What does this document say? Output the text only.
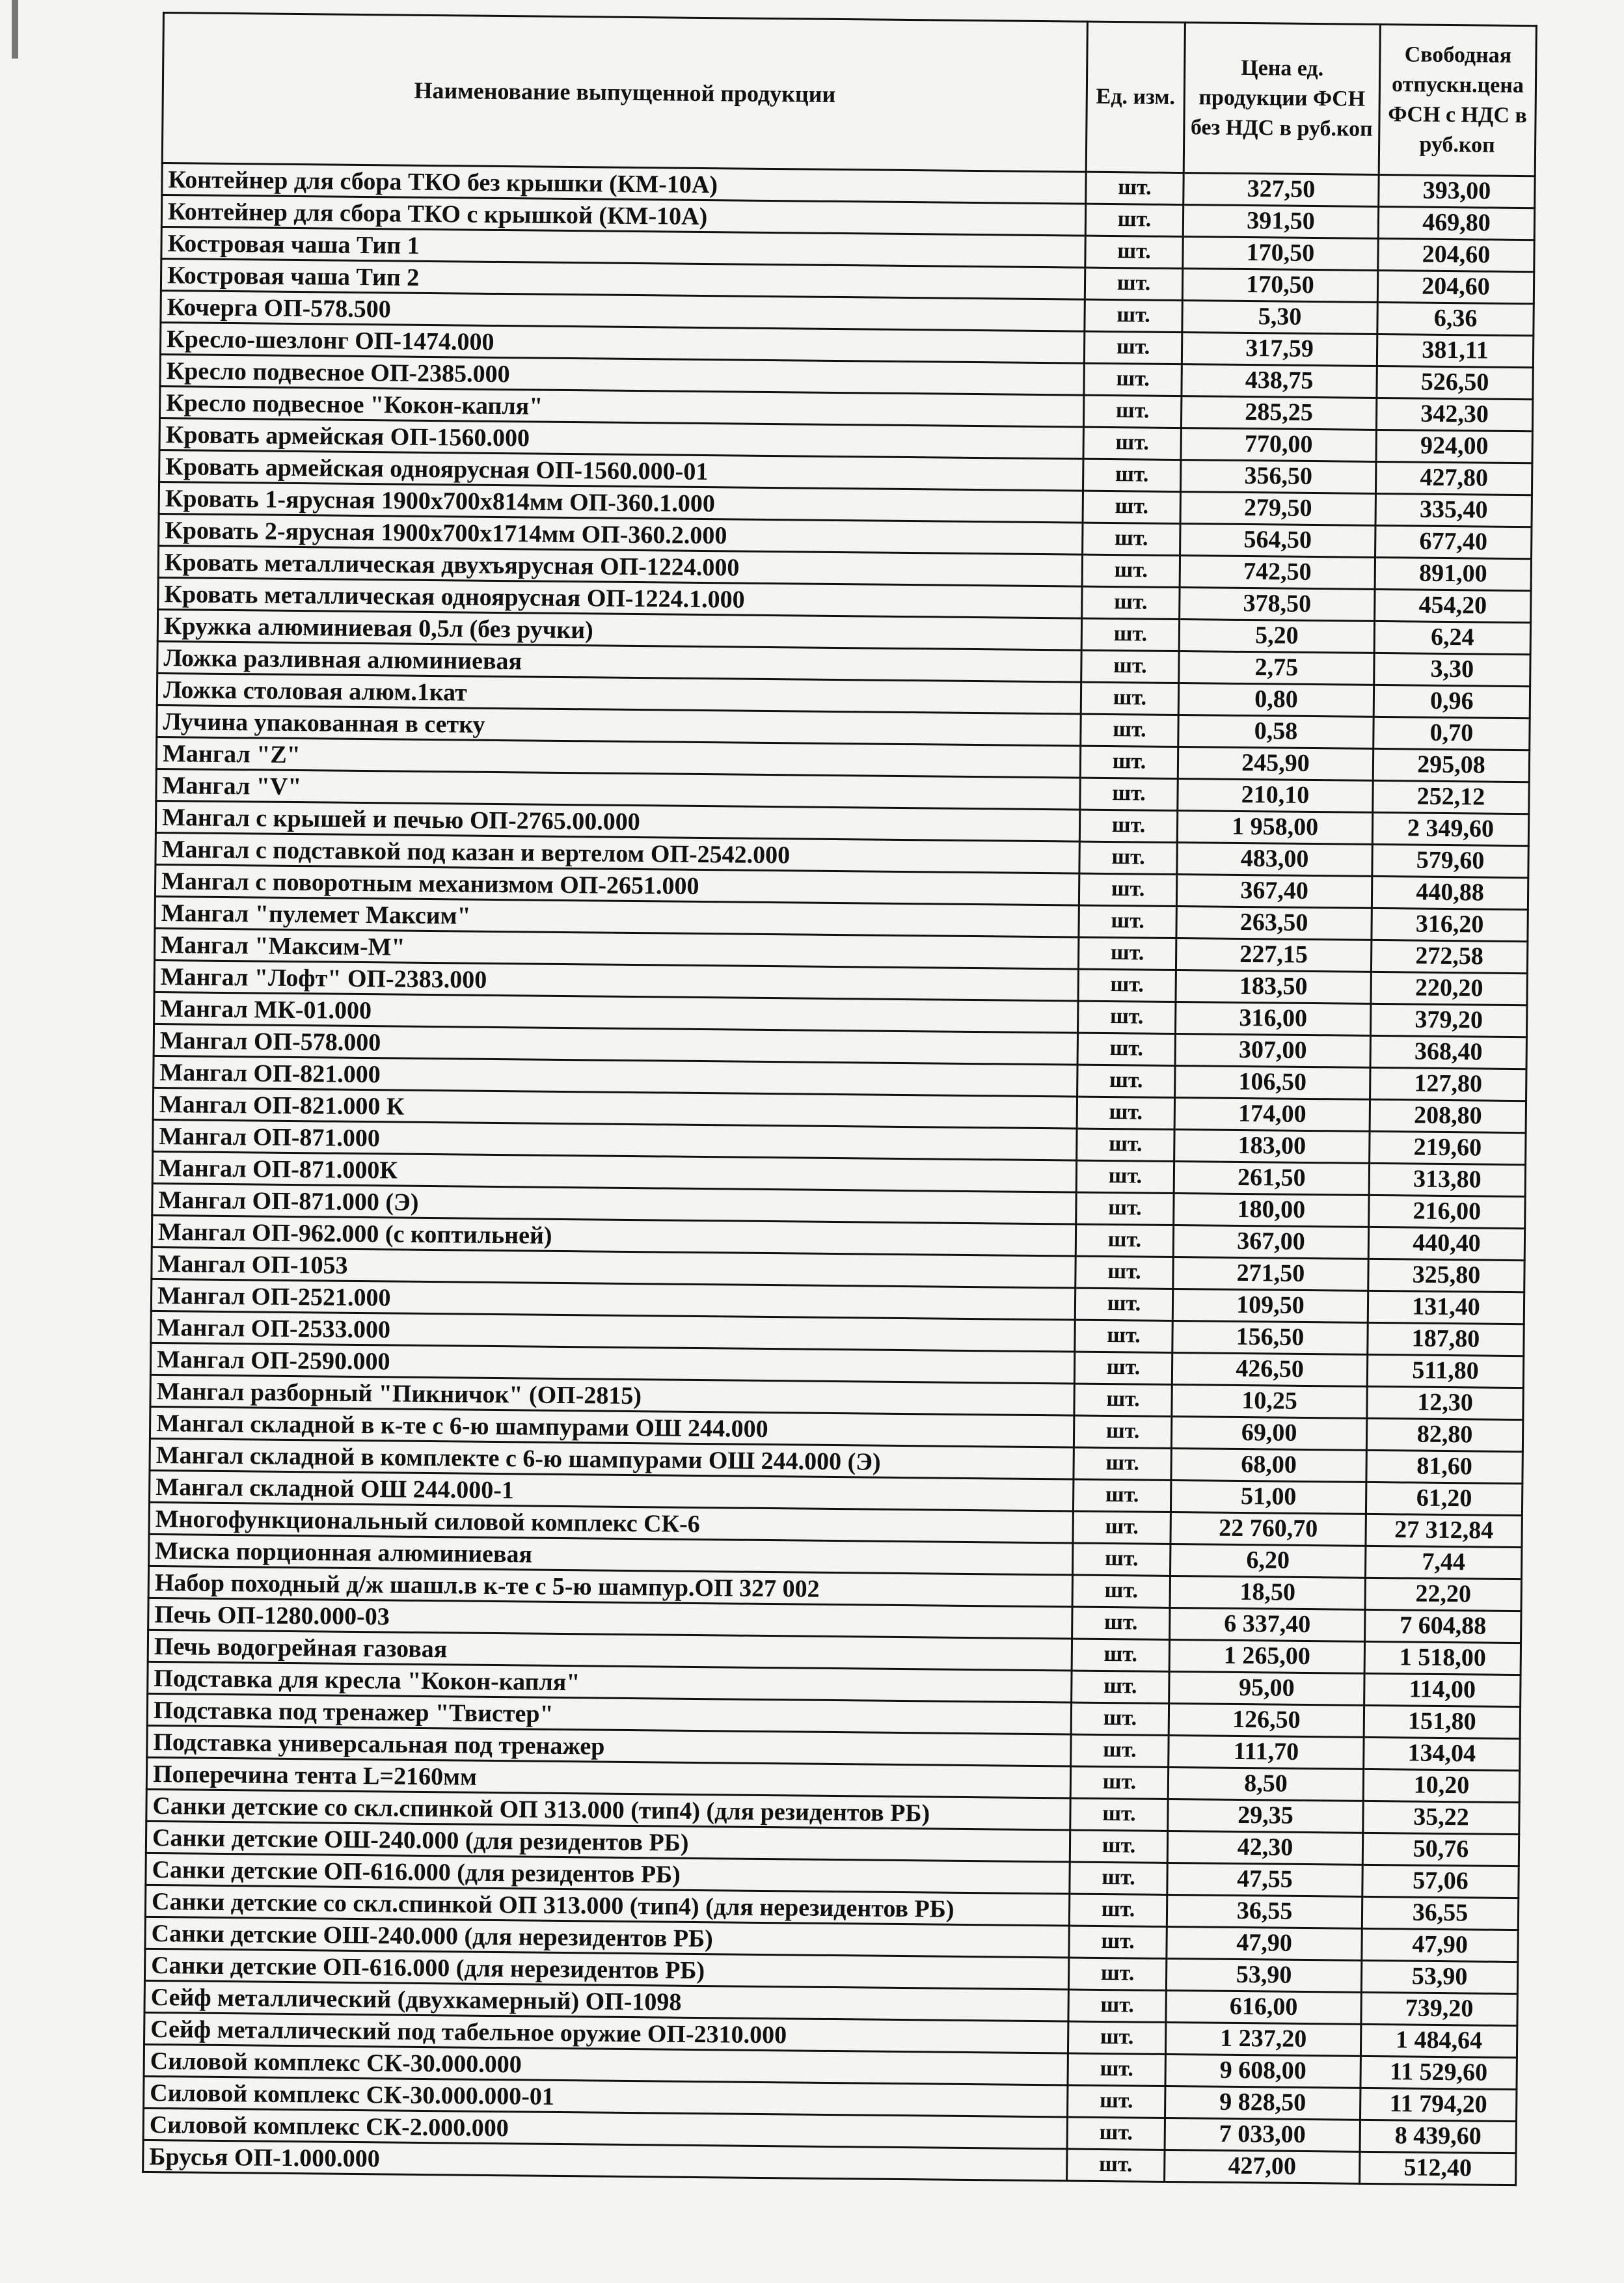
Наименование выпущенной продукции	Ед. изм.	Цена ед. продукции ФСН без НДС в руб.коп	Свободная отпускн.цена ФСН с НДС в руб.коп
Контейнер для сбора ТКО без крышки (КМ-10А)	шт.	327,50	393,00
Контейнер для сбора ТКО с крышкой (КМ-10А)	шт.	391,50	469,80
Костровая чаша Тип 1	шт.	170,50	204,60
Костровая чаша Тип 2	шт.	170,50	204,60
Кочерга ОП-578.500	шт.	5,30	6,36
Кресло-шезлонг ОП-1474.000	шт.	317,59	381,11
Кресло подвесное ОП-2385.000	шт.	438,75	526,50
Кресло подвесное "Кокон-капля"	шт.	285,25	342,30
Кровать армейская ОП-1560.000	шт.	770,00	924,00
Кровать армейская одноярусная ОП-1560.000-01	шт.	356,50	427,80
Кровать 1-ярусная 1900х700х814мм ОП-360.1.000	шт.	279,50	335,40
Кровать 2-ярусная 1900х700х1714мм ОП-360.2.000	шт.	564,50	677,40
Кровать металлическая двухъярусная ОП-1224.000	шт.	742,50	891,00
Кровать металлическая одноярусная ОП-1224.1.000	шт.	378,50	454,20
Кружка алюминиевая 0,5л (без ручки)	шт.	5,20	6,24
Ложка разливная алюминиевая	шт.	2,75	3,30
Ложка столовая алюм.1кат	шт.	0,80	0,96
Лучина упакованная в сетку	шт.	0,58	0,70
Мангал "Z"	шт.	245,90	295,08
Мангал "V"	шт.	210,10	252,12
Мангал с крышей и печью ОП-2765.00.000	шт.	1 958,00	2 349,60
Мангал с подставкой под казан и вертелом ОП-2542.000	шт.	483,00	579,60
Мангал с поворотным механизмом ОП-2651.000	шт.	367,40	440,88
Мангал "пулемет Максим"	шт.	263,50	316,20
Мангал "Максим-М"	шт.	227,15	272,58
Мангал "Лофт" ОП-2383.000	шт.	183,50	220,20
Мангал МК-01.000	шт.	316,00	379,20
Мангал ОП-578.000	шт.	307,00	368,40
Мангал ОП-821.000	шт.	106,50	127,80
Мангал ОП-821.000 К	шт.	174,00	208,80
Мангал ОП-871.000	шт.	183,00	219,60
Мангал ОП-871.000К	шт.	261,50	313,80
Мангал ОП-871.000 (Э)	шт.	180,00	216,00
Мангал ОП-962.000 (с коптильней)	шт.	367,00	440,40
Мангал ОП-1053	шт.	271,50	325,80
Мангал ОП-2521.000	шт.	109,50	131,40
Мангал ОП-2533.000	шт.	156,50	187,80
Мангал ОП-2590.000	шт.	426,50	511,80
Мангал разборный "Пикничок" (ОП-2815)	шт.	10,25	12,30
Мангал складной в к-те с 6-ю шампурами ОШ 244.000	шт.	69,00	82,80
Мангал складной в комплекте с 6-ю шампурами ОШ 244.000 (Э)	шт.	68,00	81,60
Мангал складной ОШ 244.000-1	шт.	51,00	61,20
Многофункциональный силовой комплекс СК-6	шт.	22 760,70	27 312,84
Миска порционная алюминиевая	шт.	6,20	7,44
Набор походный д/ж шашл.в к-те с 5-ю шампур.ОП 327 002	шт.	18,50	22,20
Печь ОП-1280.000-03	шт.	6 337,40	7 604,88
Печь водогрейная газовая	шт.	1 265,00	1 518,00
Подставка для кресла "Кокон-капля"	шт.	95,00	114,00
Подставка под тренажер "Твистер"	шт.	126,50	151,80
Подставка универсальная под тренажер	шт.	111,70	134,04
Поперечина тента L=2160мм	шт.	8,50	10,20
Санки детские со скл.спинкой ОП 313.000 (тип4) (для резидентов РБ)	шт.	29,35	35,22
Санки детские ОШ-240.000 (для резидентов РБ)	шт.	42,30	50,76
Санки детские ОП-616.000 (для резидентов РБ)	шт.	47,55	57,06
Санки детские со скл.спинкой ОП 313.000 (тип4) (для нерезидентов РБ)	шт.	36,55	36,55
Санки детские ОШ-240.000 (для нерезидентов РБ)	шт.	47,90	47,90
Санки детские ОП-616.000 (для нерезидентов РБ)	шт.	53,90	53,90
Сейф металлический (двухкамерный) ОП-1098	шт.	616,00	739,20
Сейф металлический под табельное оружие ОП-2310.000	шт.	1 237,20	1 484,64
Силовой комплекс СК-30.000.000	шт.	9 608,00	11 529,60
Силовой комплекс СК-30.000.000-01	шт.	9 828,50	11 794,20
Силовой комплекс СК-2.000.000	шт.	7 033,00	8 439,60
Брусья ОП-1.000.000	шт.	427,00	512,40
